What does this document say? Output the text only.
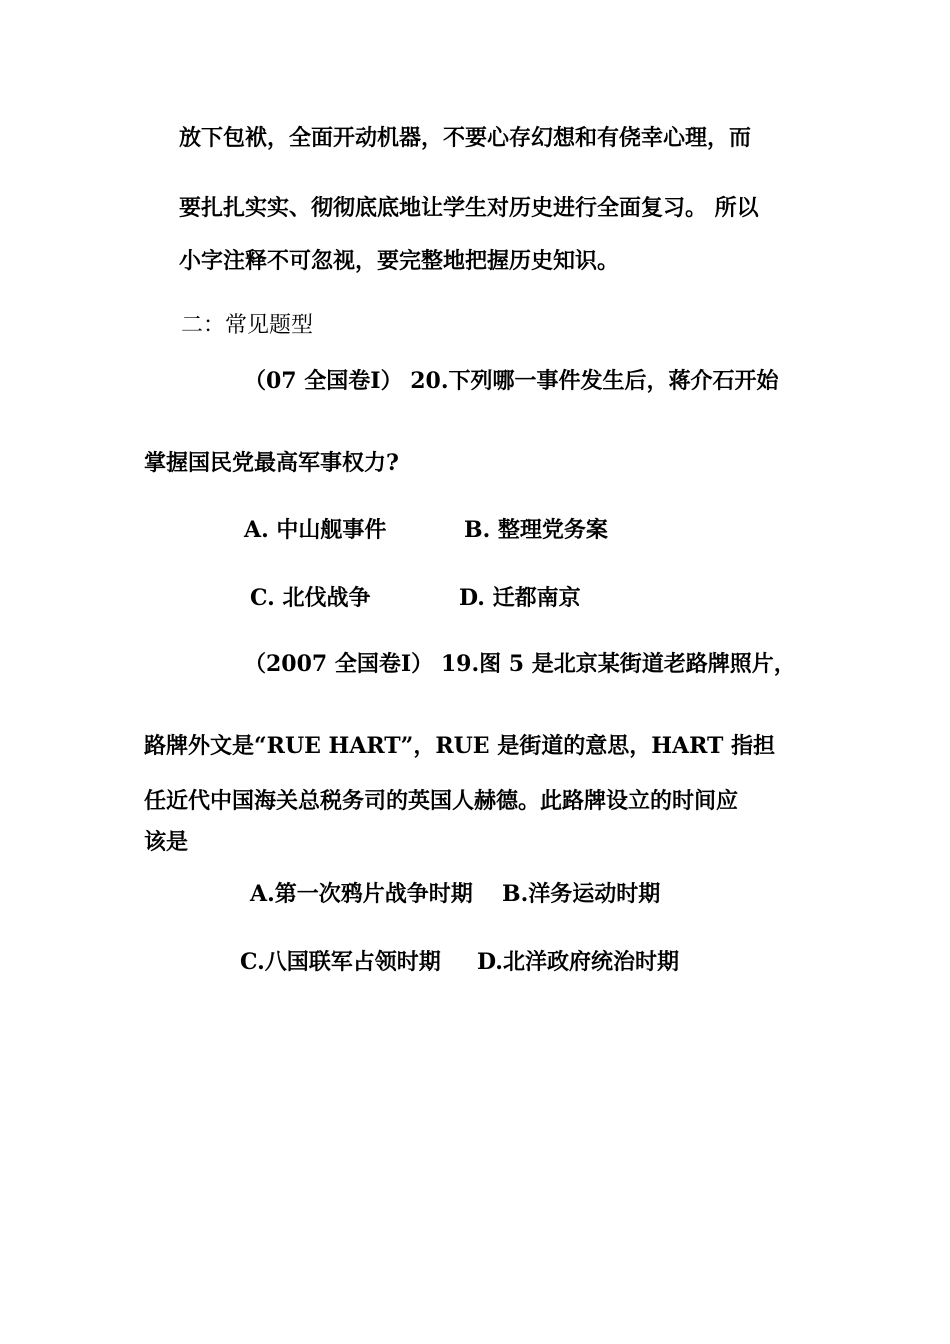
放下包袱，全面开动机器，不要心存幻想和有侥幸心理，而
要扎扎实实、彻彻底底地让学生对历史进行全面复习。 所以
小字注释不可忽视，要完整地把握历史知识。
二：常见题型
（07 全国卷Ⅰ） 20.下列哪一事件发生后，蒋介石开始
掌握国民党最高军事权力?
A. 中山舰事件	B. 整理党务案
C. 北伐战争	D. 迁都南京
（2007 全国卷Ⅰ） 19.图 5 是北京某街道老路牌照片，
路牌外文是“RUE HART”，RUE 是街道的意思，HART 指担
任近代中国海关总税务司的英国人赫德。此路牌设立的时间应
该是
A.第一次鸦片战争时期 B.洋务运动时期
C.八国联军占领时期 D.北洋政府统治时期
